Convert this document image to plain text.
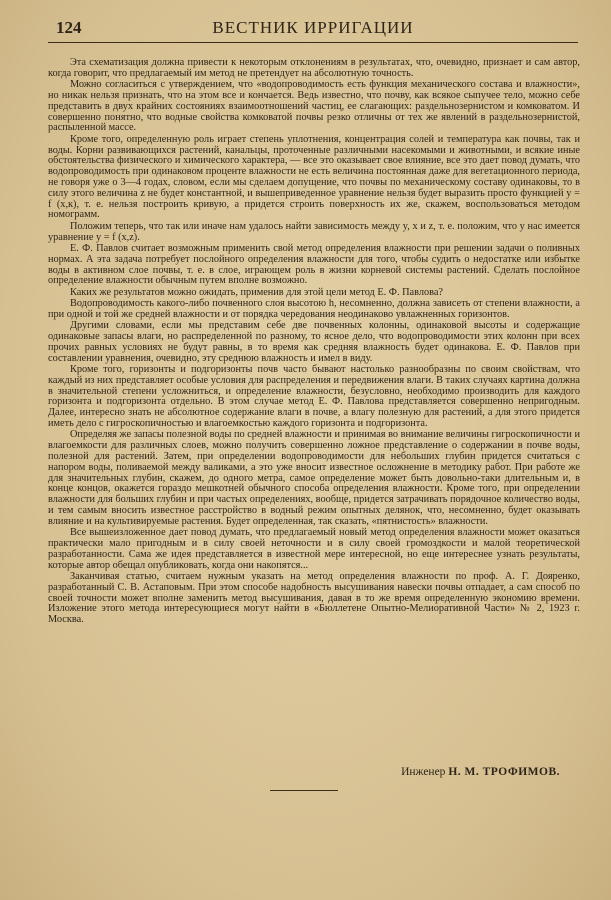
124	ВЕСТНИК ИРРИГАЦИИ

Эта схематизация должна привести к некоторым отклонениям в результатах, что, очевидно, признает и сам автор, когда говорит, что предлагаемый им метод не претендует на абсолютную точность.

Можно согласиться с утверждением, что «водопроводимость есть функция механического состава и влажности», но никак нельзя признать, что на этом все и кончается. Ведь известно, что почву, как всякое сыпучее тело, можно себе представить в двух крайних состояниях взаимоотношений частиц, ее слагающих: раздельнозернистом и комковатом. И совершенно понятно, что водные свойства комковатой почвы резко отличны от тех же явлений в раздельнозернистой, распыленной массе.

Кроме того, определенную роль играет степень уплотнения, концентрация солей и температура как почвы, так и воды. Корни развивающихся растений, канальцы, проточенные различными насекомыми и животными, и всякие иные обстоятельства физического и химического характера, — все это оказывает свое влияние, все это дает повод думать, что водопроводимость при одинаковом проценте влажности не есть величина постоянная даже для вегетационного периода, не говоря уже о 3—4 годах, словом, если мы сделаем допущение, что почвы по механическому составу одинаковы, то в силу этого величина z не будет константной, и вышеприведенное уравнение нельзя будет выразить просто функцией y = f (x,к), т. е. нельзя построить кривую, а придется строить поверхность их же, скажем, воспользоваться методом номограмм.

Положим теперь, что так или иначе нам удалось найти зависимость между y, x и z, т. е. положим, что у нас имеется уравнение y = f (x,z).

Е. Ф. Павлов считает возможным применить свой метод определения влажности при решении задачи о поливных нормах. А эта задача потребует послойного определения влажности для того, чтобы судить о недостатке или избытке воды в активном слое почвы, т. е. в слое, играющем роль в жизни корневой системы растений. Сделать послойное определение влажности обычным путем вполне возможно.

Каких же результатов можно ожидать, применив для этой цели метод Е. Ф. Павлова?

Водопроводимость какого-либо почвенного слоя высотою h, несомненно, должна зависеть от степени влажности, а при одной и той же средней влажности и от порядка чередования неодинаково увлажненных горизонтов.

Другими словами, если мы представим себе две почвенных колонны, одинаковой высоты и содержащие одинаковые запасы влаги, но распределенной по разному, то ясное дело, что водопроводимости этих колонн при всех прочих равных условиях не будут равны, в то время как средняя влажность будет одинакова. Е. Ф. Павлов при составлении уравнения, очевидно, эту среднюю влажность и имел в виду.

Кроме того, горизонты и подгоризонты почв часто бывают настолько разнообразны по своим свойствам, что каждый из них представляет особые условия для распределения и передвижения влаги. В таких случаях картина должна в значительной степени усложниться, и определение влажности, безусловно, необходимо производить для каждого горизонта и подгоризонта отдельно. В этом случае метод Е. Ф. Павлова представляется совершенно непригодным. Далее, интересно знать не абсолютное содержание влаги в почве, а влагу полезную для растений, а для этого придется иметь дело с гигроскопичностью и влагоемкостью каждого горизонта и подгоризонта.

Определяя же запасы полезной воды по средней влажности и принимая во внимание величины гигроскопичности и влагоемкости для различных слоев, можно получить совершенно ложное представление о содержании в почве воды, полезной для растений. Затем, при определении водопроводимости для небольших глубин придется считаться с напором воды, поливаемой между валиками, а это уже вносит известное осложнение в методику работ. При работе же для значительных глубин, скажем, до одного метра, самое определение может быть довольно-таки длительным и, в конце концов, окажется гораздо мешкотней обычного способа определения влажности. Кроме того, при определении влажности для больших глубин и при частых определениях, вообще, придется затрачивать порядочное количество воды, и тем самым вносить известное расстройство в водный режим опытных делянок, что, несомненно, будет оказывать влияние и на культивируемые растения. Будет определенная, так сказать, «пятнистость» влажности.

Все вышеизложенное дает повод думать, что предлагаемый новый метод определения влажности может оказаться практически мало пригодным и в силу своей неточности и в силу своей громоздкости и малой теоретической разработанности. Сама же идея представляется в известной мере интересной, но еще интереснее узнать результаты, которые автор обещал опубликовать, когда они накопятся...

Заканчивая статью, считаем нужным указать на метод определения влажности по проф. А. Г. Дояренко, разработанный С. В. Астаповым. При этом способе надобность высушивания навески почвы отпадает, а сам способ по своей точности может вполне заменить метод высушивания, давая в то же время определенную экономию времени. Изложение этого метода интересующиеся могут найти в «Бюллетене Опытно-Мелиоративной Части» № 2, 1923 г. Москва.

Инженер Н. М. ТРОФИМОВ.
